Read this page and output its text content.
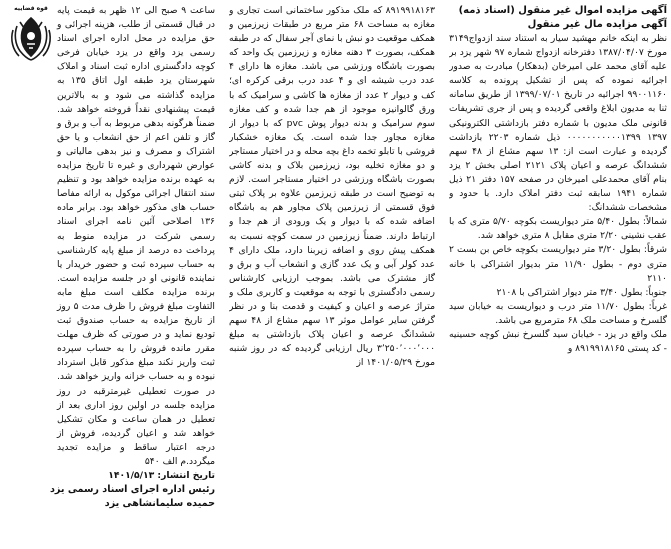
آگهی مزایده اموال غیر منقول (اسناد ذمه)

آگهی مزایده مال غیر منقول

نظر به اینکه خانم مهشید سیار به استناد سند ازدواج۳۱۴۹ مورخ ۱۳۸۷/۰۴/۰۷ دفترخانه ازدواج شماره ۹۷ شهر یزد بر علیه آقای محمد علی امیرخان (بدهکار) مبادرت به صدور اجرائیه نموده که پس از تشکیل پرونده به کلاسه ۹۹۰۰۱۱۶۰ اجرائیه در تاریخ ۱۳۹۹/۰۷/۰۱ از طریق سامانه ثنا به مدیون ابلاغ واقعی گردیده و پس از جری تشریفات قانونی ملک مدیون با شماره دفتر بازداشتی الکترونیکی ۱۳۹۷ ۰۰۰۰۰۰۰۰۰۰۰۱۳۹۹ ذیل شماره ۲۲۰۳ بازداشت گردیده و عبارت است از: ۱۳ سهم مشاع از ۴۸ سهم ششدانگ عرصه و اعیان پلاک ۲۱۲۱ اصلی بخش ۲ یزد بنام آقای محمدعلی امیرخان در صفحه ۱۵۷ دفتر ۲۱ ذیل شماره ۱۹۴۱ سابقه ثبت دفتر املاک دارد. با حدود و مشخصات ششدانگ:
شمالاً: بطول ۵/۴۰ متر دیواریست بکوچه ۵/۷۰ متری که با عقب نشینی ۲/۲۰ متری مقابل ۸ متری خواهد شد.
شرقاً: بطول ۳/۲۰ متر دیواریست بکوچه خاص بن بست ۲ متری دوم - بطول ۱۱/۹۰ متر بدیوار اشتراکی با خانه ۲۱۱۰
جنوباً: بطول ۳/۴۰ متر دیوار اشتراکی با ۲۱۰۸
غرباً: بطول ۱۱/۷۰ متر درب و دیواریست به خیابان سید گلسرخ و مساحت ملک ۶۸ مترمربع می باشد.
ملک واقع در یزد - خیابان سید گلسرخ نبش کوچه حسینیه - کد پستی ۸۹۱۹۹۱۸۱۶۵ و

۸۹۱۹۹۱۸۱۶۳ که ملک مذکور ساختمانی است تجاری و مغازه به مساحت ۶۸ متر مربع در طبقات زیرزمین و همکف موقعیت دو نبش با نمای آجر سفال که در طبقه همکف، بصورت ۳ دهنه مغازه و زیرزمین یک واحد که بصورت باشگاه ورزشی می باشد. مغازه ها دارای ۴ عدد درب شیشه ای و ۴ عدد درب برقی کرکره ای؛ کف و دیوار ۲ عدد از مغازه ها کاشی و سرامیک که با ورق گالوانیزه موجود از هم جدا شده و کف مغازه سوم سرامیک و بدنه دیوار پوش pvc که با دیوار از مغازه مجاور جدا شده است. یک مغازه خشکبار فروشی با تابلو تخمه داغ بچه محله و در اختیار مستاجر و دو مغازه تخلیه بود، زیرزمین بلاک و بدنه کاشی بصورت باشگاه ورزشی در اختیار مستاجر است. لازم به توضیح است در طبقه زیرزمین علاوه بر پلاک ثبتی فوق قسمتی از زیرزمین پلاک مجاور هم به باشگاه اضافه شده که با دیوار و یک ورودی از هم جدا و ارتباط دارند. ضمناً زیرزمین در سمت کوچه نسبت به همکف پیش روی و اضافه زیربنا دارد، ملک دارای ۴ عدد کولر آبی و یک عدد گازی و انشعاب آب و برق و گاز مشترک می باشد. بموجب ارزیابی کارشناس رسمی دادگستری با توجه به موقعیت و کاربری ملک و متراژ عرصه و اعیان و کیفیت و قدمت بنا و در نظر گرفتن سایر عوامل موثر ۱۳ سهم مشاع از ۴۸ سهم ششدانگ عرصه و اعیان پلاک بازداشتی به مبلغ ۳٬۲۵۰٬۰۰۰٬۰۰۰ ریال ارزیابی گردیده که در روز شنبه مورخ ۱۴۰۱/۰۵/۲۹ از

ساعت ۹ صبح الی ۱۲ ظهر به قیمت پایه در قبال قسمتی از طلب، هزینه اجرائی و حق مزایده در محل اداره اجرای اسناد رسمی یزد واقع در یزد خیابان فرخی کوچه دادگستری اداره ثبت اسناد و املاک شهرستان یزد طبقه اول اتاق ۱۳۵ به مزایده گذاشته می شود و به بالاترین قیمت پیشنهادی نقداً فروخته خواهد شد. ضمناً هرگونه بدهی مربوط به آب و برق و گاز و تلفن اعم از حق انشعاب و یا حق اشتراک و مصرف و نیز بدهی مالیاتی و عوارض شهرداری و غیره تا تاریخ مزایده به عهده برنده مزایده خواهد بود و تنظیم سند انتقال اجرائی موکول به ارائه مفاصا حساب های مذکور خواهد بود. برابر ماده ۱۳۶ اصلاحی آئین نامه اجرای اسناد رسمی شرکت در مزایده منوط به پرداخت ده درصد از مبلغ پایه کارشناسی به حساب سپرده ثبت و حضور خریدار یا نماینده قانونی او در جلسه مزایده است. برنده مزایده مکلف است مبلغ مابه التفاوت مبلغ فروش را ظرف مدت ۵ روز از تاریخ مزایده به حساب صندوق ثبت تودیع نماید و در صورتی که ظرف مهلت مقرر مانده فروش را به حساب سپرده ثبت واریز نکند مبلغ مذکور قابل استرداد نبوده و به حساب خزانه واریز خواهد شد. در صورت تعطیلی غیرمترقبه در روز مزایده جلسه در اولین روز اداری بعد از تعطیل در همان ساعت و مکان تشکیل خواهد شد و اعیان گردیده، فروش از درجه اعتبار ساقط و مزایده تجدید میگردد.م الف ۵۴۰

تاریخ انتشار: ۱۴۰۱/۵/۱۳

رئیس اداره اجرای اسناد رسمی یزد

حمیده سلیمانشاهی یزد

قوه قضاییه
